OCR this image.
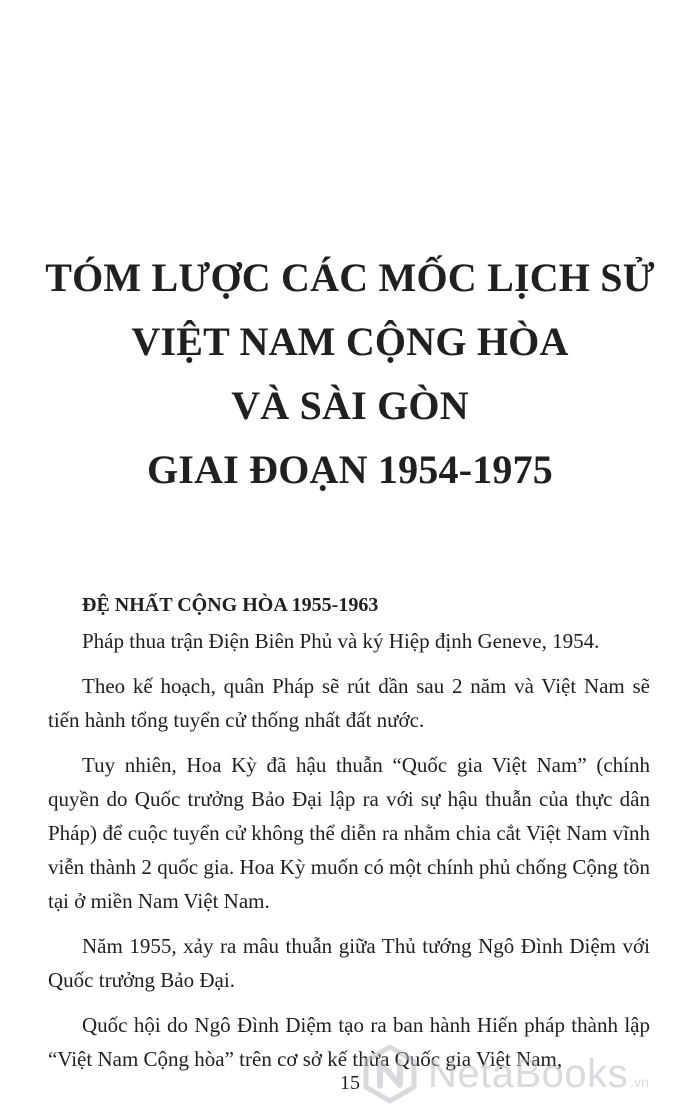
TÓM LƯỢC CÁC MỐC LỊCH SỬ
VIỆT NAM CỘNG HÒA
VÀ SÀI GÒN
GIAI ĐOẠN 1954-1975
ĐỆ NHẤT CỘNG HÒA 1955-1963

Pháp thua trận Điện Biên Phủ và ký Hiệp định Geneve, 1954.

Theo kế hoạch, quân Pháp sẽ rút dần sau 2 năm và Việt Nam sẽ tiến hành tổng tuyển cử thống nhất đất nước.

Tuy nhiên, Hoa Kỳ đã hậu thuẫn “Quốc gia Việt Nam” (chính quyền do Quốc trưởng Bảo Đại lập ra với sự hậu thuẫn của thực dân Pháp) để cuộc tuyển cử không thể diễn ra nhằm chia cắt Việt Nam vĩnh viễn thành 2 quốc gia. Hoa Kỳ muốn có một chính phủ chống Cộng tồn tại ở miền Nam Việt Nam.

Năm 1955, xảy ra mâu thuẫn giữa Thủ tướng Ngô Đình Diệm với Quốc trưởng Bảo Đại.

Quốc hội do Ngô Đình Diệm tạo ra ban hành Hiến pháp thành lập “Việt Nam Cộng hòa” trên cơ sở kế thừa Quốc gia Việt Nam,

15	NetaBooks .vn
